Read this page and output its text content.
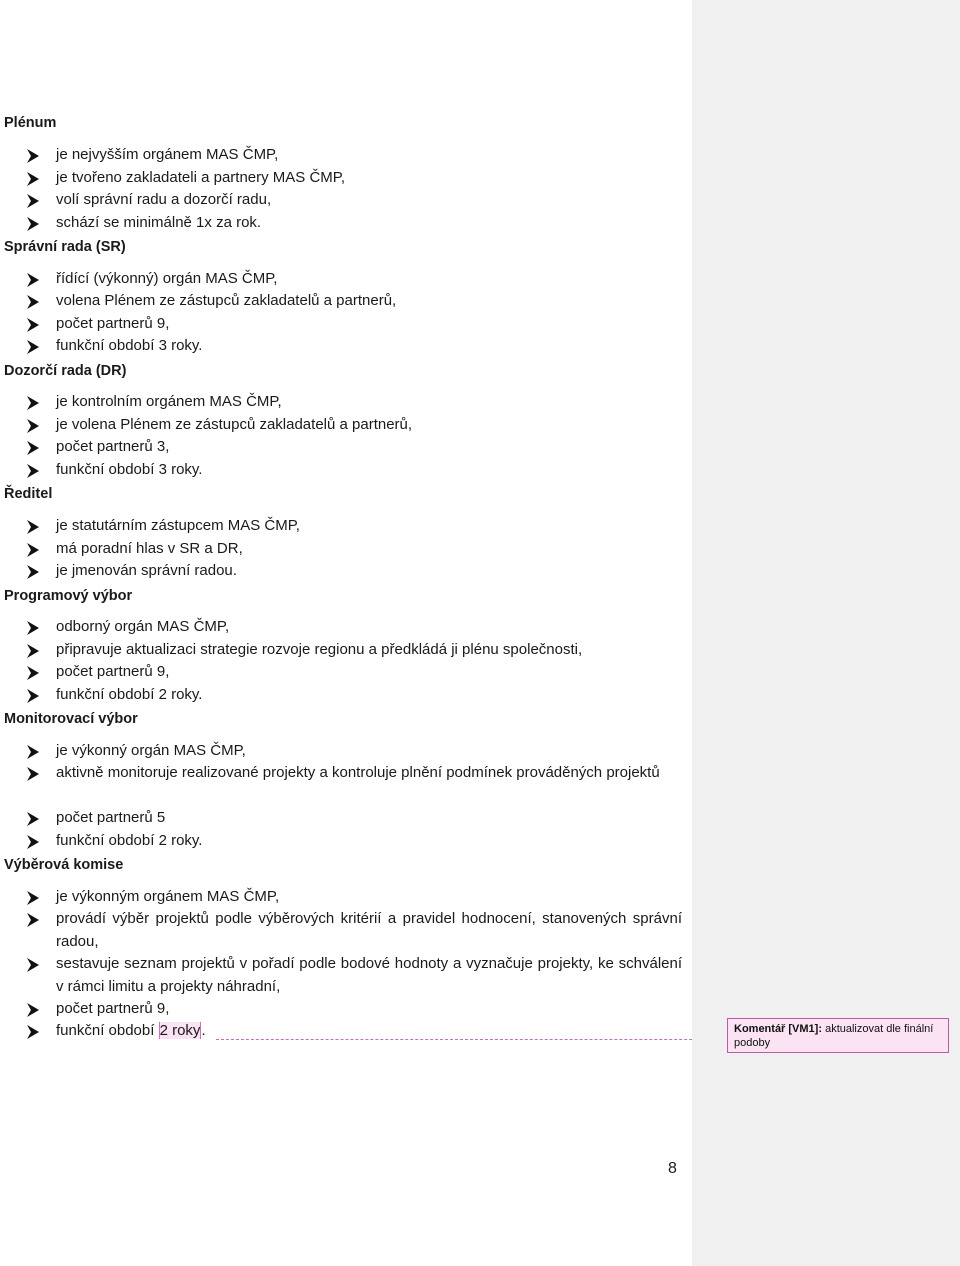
Plénum
je nejvyšším orgánem MAS ČMP,
je tvořeno zakladateli a partnery MAS ČMP,
volí správní radu a dozorčí radu,
schází se minimálně 1x za rok.
Správní rada (SR)
řídící (výkonný) orgán MAS ČMP,
volena Plénem ze zástupců zakladatelů a partnerů,
počet partnerů 9,
funkční období 3 roky.
Dozorčí rada (DR)
je kontrolním orgánem MAS ČMP,
je volena Plénem ze zástupců zakladatelů a partnerů,
počet partnerů 3,
funkční období 3 roky.
Ředitel
je statutárním zástupcem MAS ČMP,
má poradní hlas v SR a DR,
je jmenován správní radou.
Programový výbor
odborný orgán MAS ČMP,
připravuje aktualizaci strategie rozvoje regionu a předkládá ji plénu společnosti,
počet partnerů 9,
funkční období 2 roky.
Monitorovací výbor
je výkonný orgán MAS ČMP,
aktivně monitoruje realizované projekty a kontroluje plnění podmínek prováděných projektů
počet partnerů 5
funkční období 2 roky.
Výběrová komise
je výkonným orgánem MAS ČMP,
provádí výběr projektů podle výběrových kritérií a pravidel hodnocení, stanovených správní radou,
sestavuje seznam projektů v pořadí podle bodové hodnoty a vyznačuje projekty, ke schválení v rámci limitu a projekty náhradní,
počet partnerů 9,
funkční období 2 roky.
8
Komentář [VM1]: aktualizovat dle finální podoby
